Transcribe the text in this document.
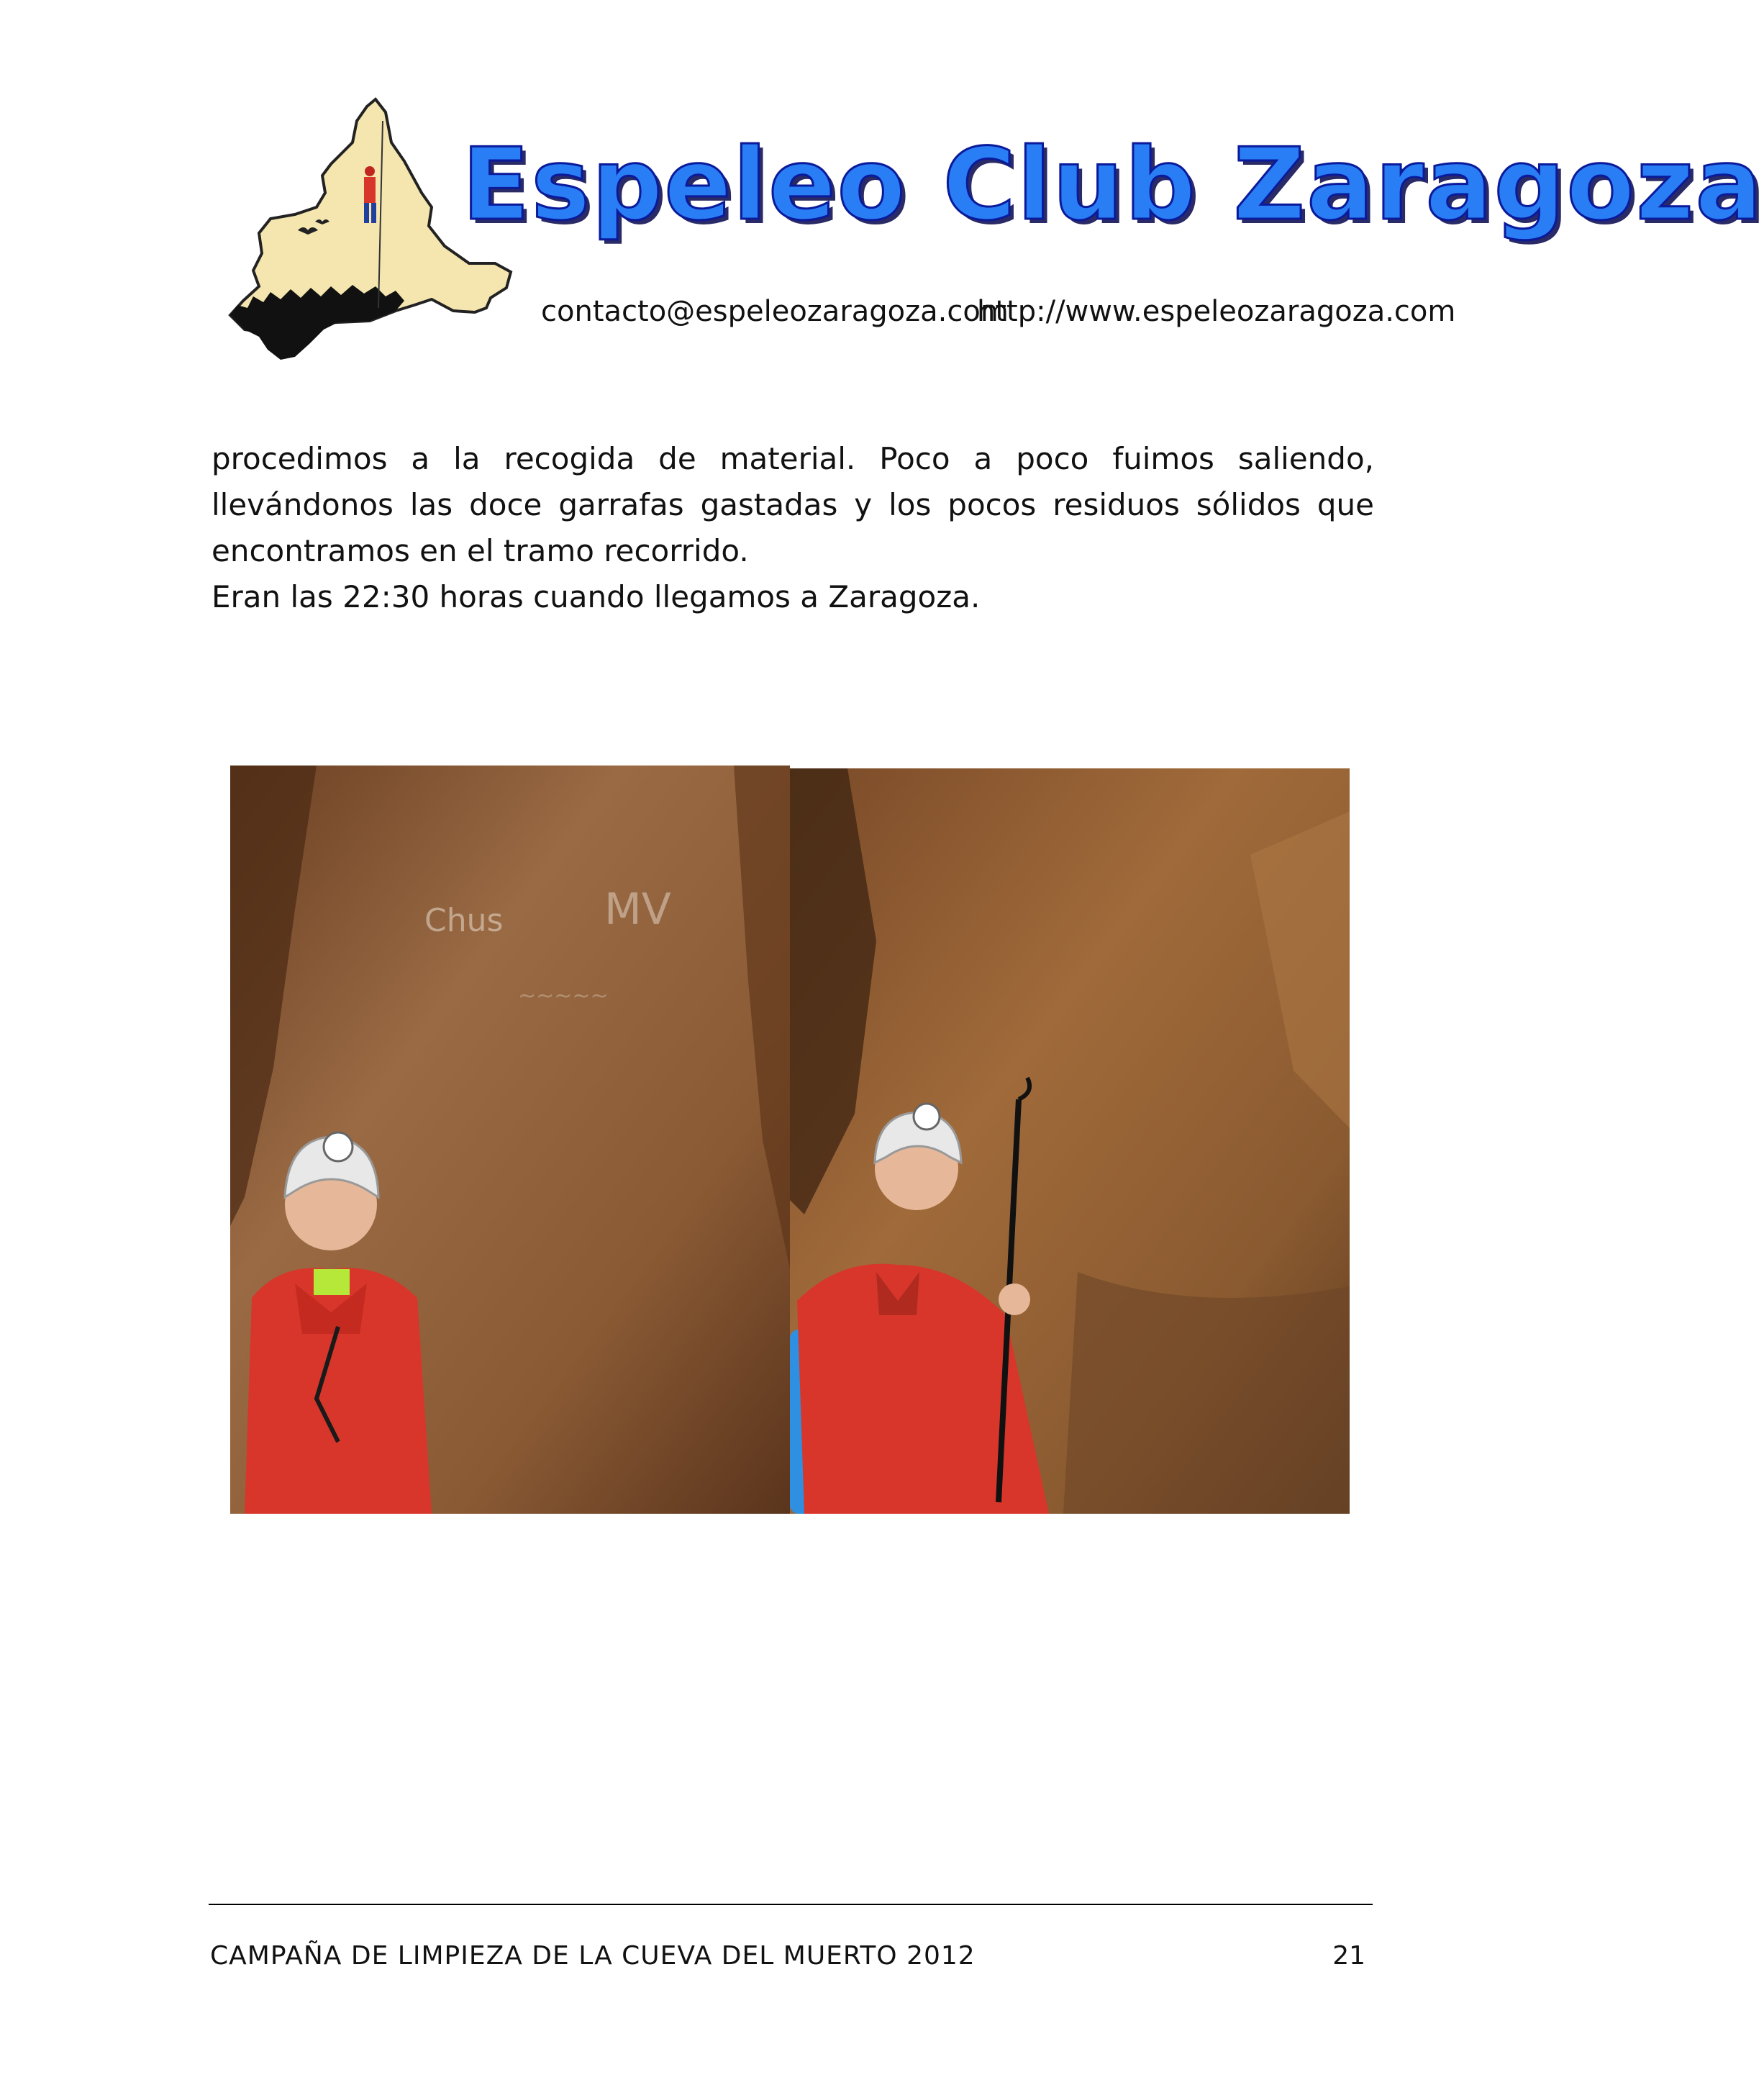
Espeleo Club Zaragoza
contacto@espeleozaragoza.com
http://www.espeleozaragoza.com

procedimos a la recogida de material. Poco a poco fuimos saliendo, llevándonos las doce garrafas gastadas y los pocos residuos sólidos que encontramos en el tramo recorrido.

Eran las 22:30 horas cuando llegamos a Zaragoza.

Chus MV
~~~~~
CAMPAÑA DE LIMPIEZA DE LA CUEVA DEL MUERTO 2012	21
